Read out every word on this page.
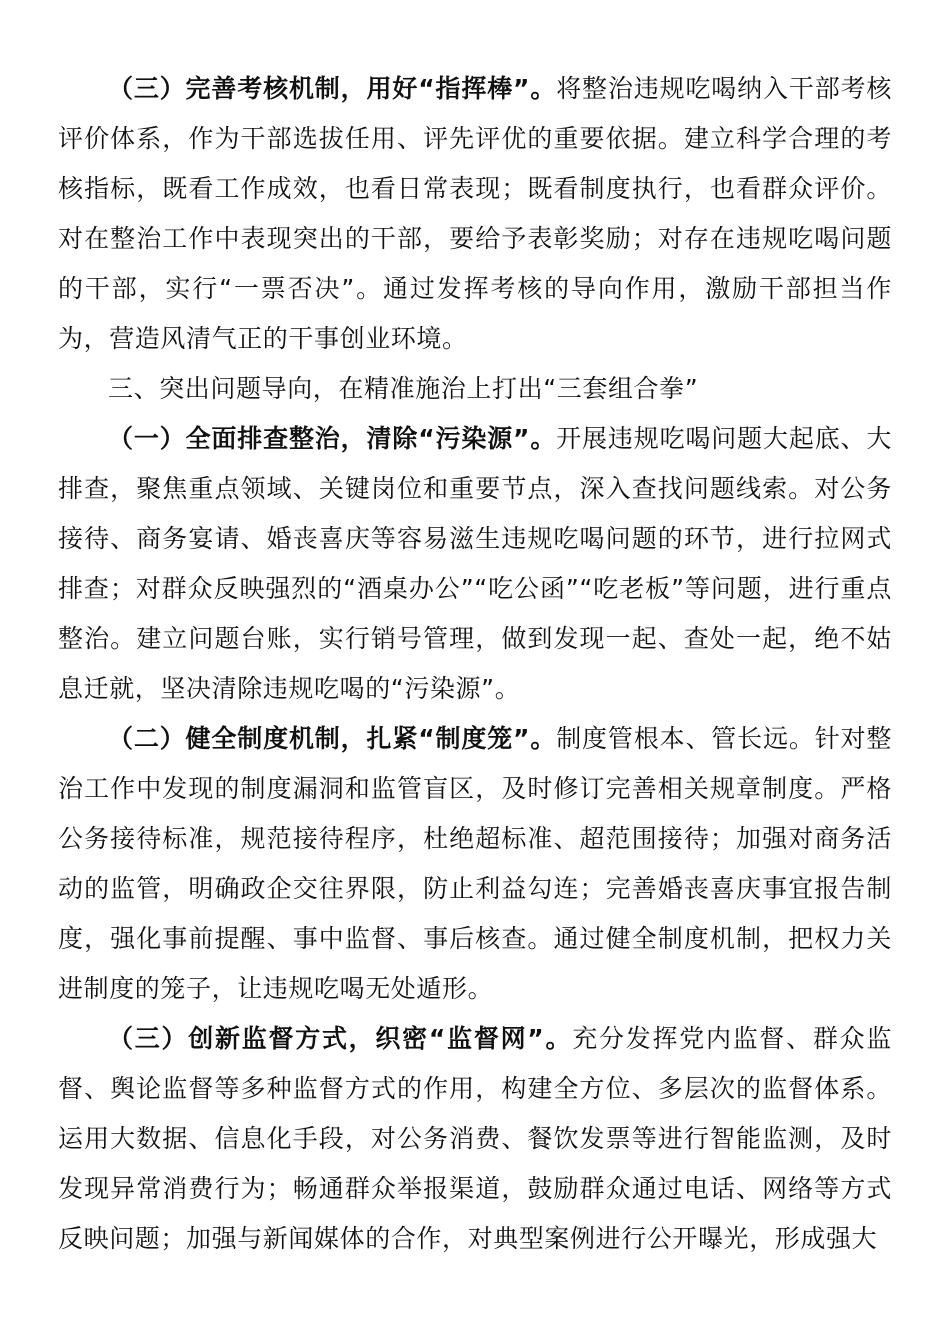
（三）完善考核机制，用好“指挥棒”。将整治违规吃喝纳入干部考核评价体系，作为干部选拔任用、评先评优的重要依据。建立科学合理的考核指标，既看工作成效，也看日常表现；既看制度执行，也看群众评价。对在整治工作中表现突出的干部，要给予表彰奖励；对存在违规吃喝问题的干部，实行“一票否决”。通过发挥考核的导向作用，激励干部担当作为，营造风清气正的干事创业环境。

三、突出问题导向，在精准施治上打出“三套组合拳”

（一）全面排查整治，清除“污染源”。开展违规吃喝问题大起底、大排查，聚焦重点领域、关键岗位和重要节点，深入查找问题线索。对公务接待、商务宴请、婚丧喜庆等容易滋生违规吃喝问题的环节，进行拉网式排查；对群众反映强烈的“酒桌办公”“吃公函”“吃老板”等问题，进行重点整治。建立问题台账，实行销号管理，做到发现一起、查处一起，绝不姑息迁就，坚决清除违规吃喝的“污染源”。

（二）健全制度机制，扎紧“制度笼”。制度管根本、管长远。针对整治工作中发现的制度漏洞和监管盲区，及时修订完善相关规章制度。严格公务接待标准，规范接待程序，杜绝超标准、超范围接待；加强对商务活动的监管，明确政企交往界限，防止利益勾连；完善婚丧喜庆事宜报告制度，强化事前提醒、事中监督、事后核查。通过健全制度机制，把权力关进制度的笼子，让违规吃喝无处遁形。

（三）创新监督方式，织密“监督网”。充分发挥党内监督、群众监督、舆论监督等多种监督方式的作用，构建全方位、多层次的监督体系。运用大数据、信息化手段，对公务消费、餐饮发票等进行智能监测，及时发现异常消费行为；畅通群众举报渠道，鼓励群众通过电话、网络等方式反映问题；加强与新闻媒体的合作，对典型案例进行公开曝光，形成强大
